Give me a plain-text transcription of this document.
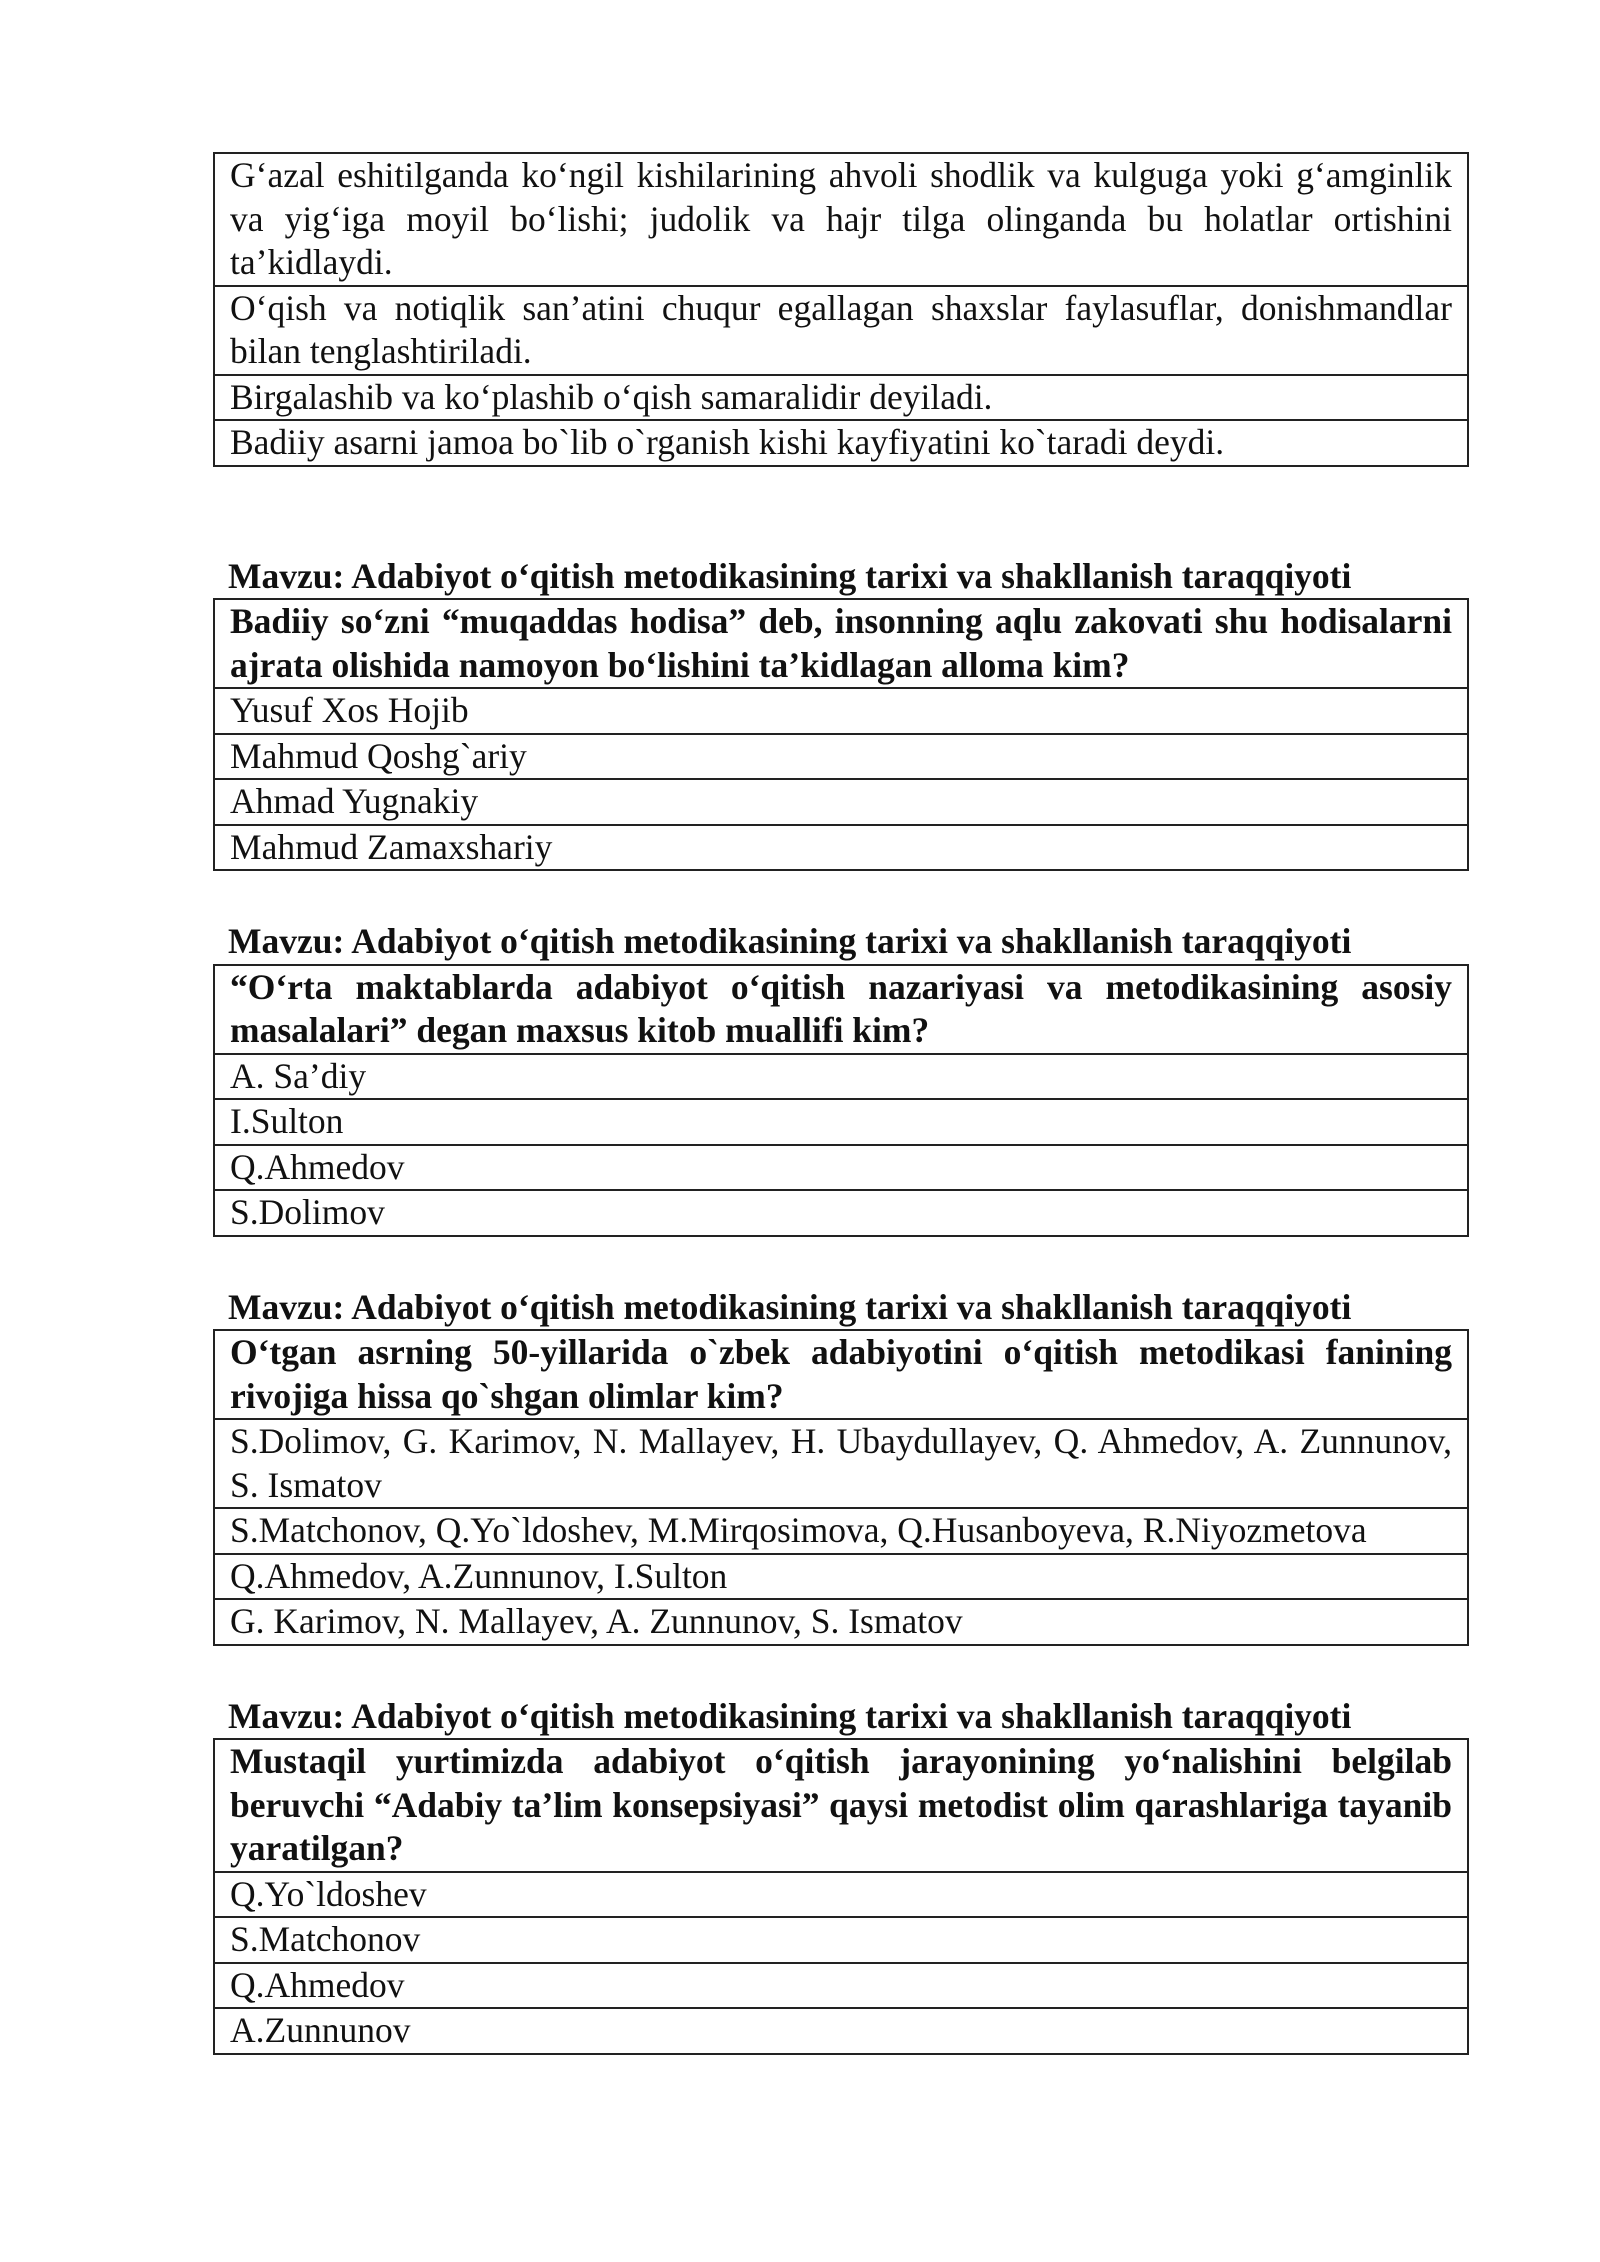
G‘azal eshitilganda ko‘ngil kishilarining ahvoli shodlik va kulguga yoki g‘amginlik va yig‘iga moyil bo‘lishi; judolik va hajr tilga olinganda bu holatlar ortishini ta’kidlaydi.
O‘qish va notiqlik san’atini chuqur egallagan shaxslar faylasuflar, donishmandlar bilan tenglashtiriladi.
Birgalashib va ko‘plashib o‘qish samaralidir deyiladi.
Badiiy asarni jamoa bo`lib o`rganish kishi kayfiyatini ko`taradi deydi.
Mavzu: Adabiyot o‘qitish metodikasining tarixi va shakllanish taraqqiyoti
Badiiy so‘zni “muqaddas hodisa” deb, insonning aqlu zakovati shu hodisalarni ajrata olishida namoyon bo‘lishini ta’kidlagan alloma kim?
Yusuf Xos Hojib
Mahmud Qoshg`ariy
Ahmad Yugnakiy
Mahmud Zamaxshariy
Mavzu: Adabiyot o‘qitish metodikasining tarixi va shakllanish taraqqiyoti
“O‘rta maktablarda adabiyot o‘qitish nazariyasi va metodikasining asosiy masalalari” degan maxsus kitob muallifi kim?
A. Sa’diy
I.Sulton
Q.Ahmedov
S.Dolimov
Mavzu: Adabiyot o‘qitish metodikasining tarixi va shakllanish taraqqiyoti
O‘tgan asrning 50-yillarida o`zbek adabiyotini o‘qitish metodikasi fanining rivojiga hissa qo`shgan olimlar kim?
S.Dolimov, G. Karimov, N. Mallayev, H. Ubaydullayev, Q. Ahmedov, A. Zunnunov, S. Ismatov
S.Matchonov, Q.Yo`ldoshev, M.Mirqosimova, Q.Husanboyeva, R.Niyozmetova
Q.Ahmedov, A.Zunnunov, I.Sulton
G. Karimov, N. Mallayev, A. Zunnunov, S. Ismatov
Mavzu: Adabiyot o‘qitish metodikasining tarixi va shakllanish taraqqiyoti
Mustaqil yurtimizda adabiyot o‘qitish jarayonining yo‘nalishini belgilab beruvchi “Adabiy ta’lim konsepsiyasi” qaysi metodist olim qarashlariga tayanib yaratilgan?
Q.Yo`ldoshev
S.Matchonov
Q.Ahmedov
A.Zunnunov
